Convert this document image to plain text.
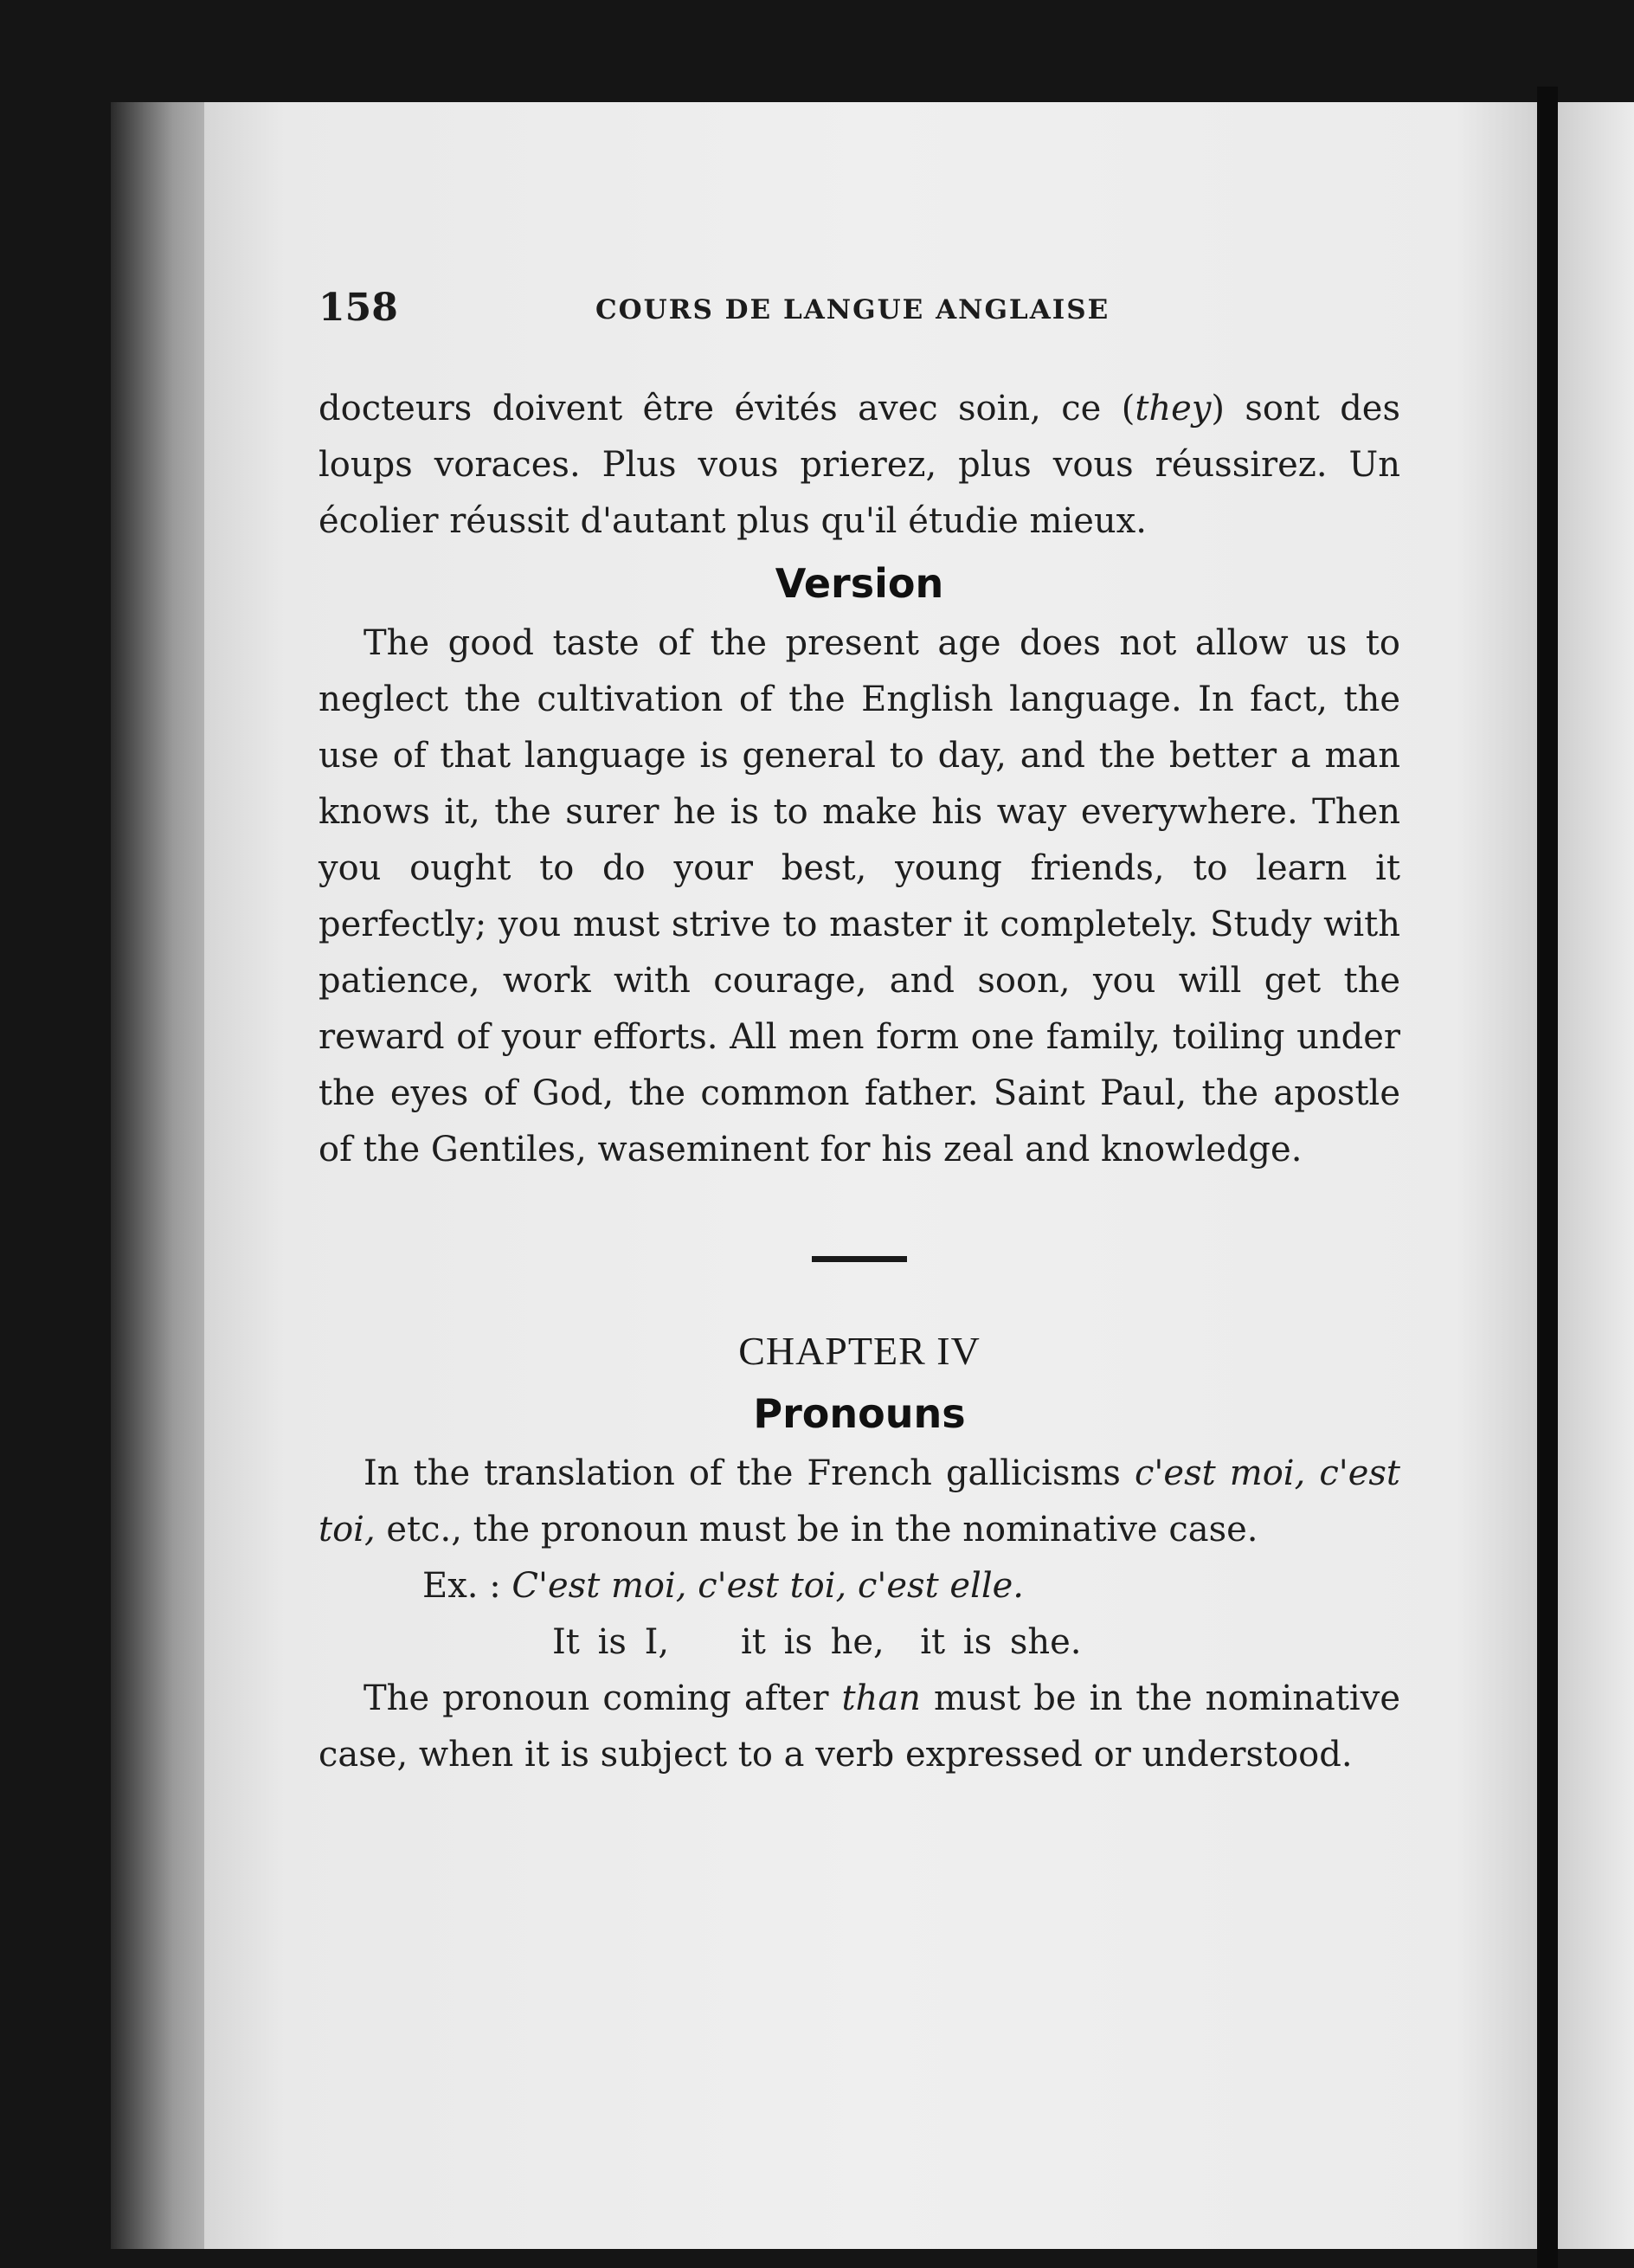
158	COURS DE LANGUE ANGLAISE

docteurs doivent être évités avec soin, ce (they) sont des loups voraces. Plus vous prierez, plus vous réussirez. Un écolier réussit d'autant plus qu'il étudie mieux.

Version

The good taste of the present age does not allow us to neglect the cultivation of the English language. In fact, the use of that language is general to day, and the better a man knows it, the surer he is to make his way everywhere. Then you ought to do your best, young friends, to learn it perfectly; you must strive to master it completely. Study with patience, work with courage, and soon, you will get the reward of your efforts. All men form one family, toiling under the eyes of God, the common father. Saint Paul, the apostle of the Gentiles, waseminent for his zeal and knowledge.

CHAPTER IV
Pronouns

In the translation of the French gallicisms c'est moi, c'est toi, etc., the pronoun must be in the nominative case.

Ex. : C'est moi, c'est toi, c'est elle.

It is I,    it is he,  it is she.

The pronoun coming after than must be in the nominative case, when it is subject to a verb expressed or understood.
